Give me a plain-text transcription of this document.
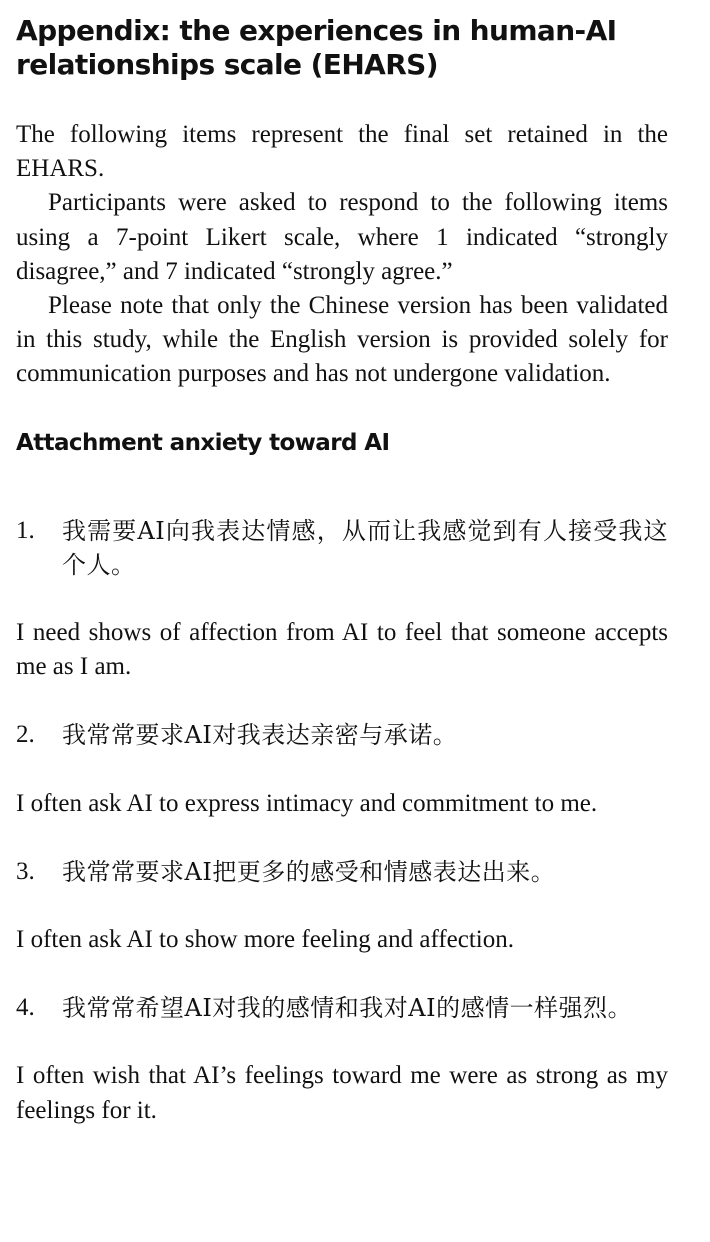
Appendix: the experiences in human-AI relationships scale (EHARS)

The following items represent the final set retained in the EHARS.

Participants were asked to respond to the following items using a 7-point Likert scale, where 1 indicated “strongly disagree,” and 7 indicated “strongly agree.”

Please note that only the Chinese version has been validated in this study, while the English version is provided solely for communication purposes and has not undergone validation.

Attachment anxiety toward AI
1.	我需要AI向我表达情感，从而让我感觉到有人接受我这个人。

I need shows of affection from AI to feel that someone accepts me as I am.

2.	我常常要求AI对我表达亲密与承诺。

I often ask AI to express intimacy and commitment to me.

3.	我常常要求AI把更多的感受和情感表达出来。

I often ask AI to show more feeling and affection.

4.	我常常希望AI对我的感情和我对AI的感情一样强烈。

I often wish that AI’s feelings toward me were as strong as my feelings for it.
